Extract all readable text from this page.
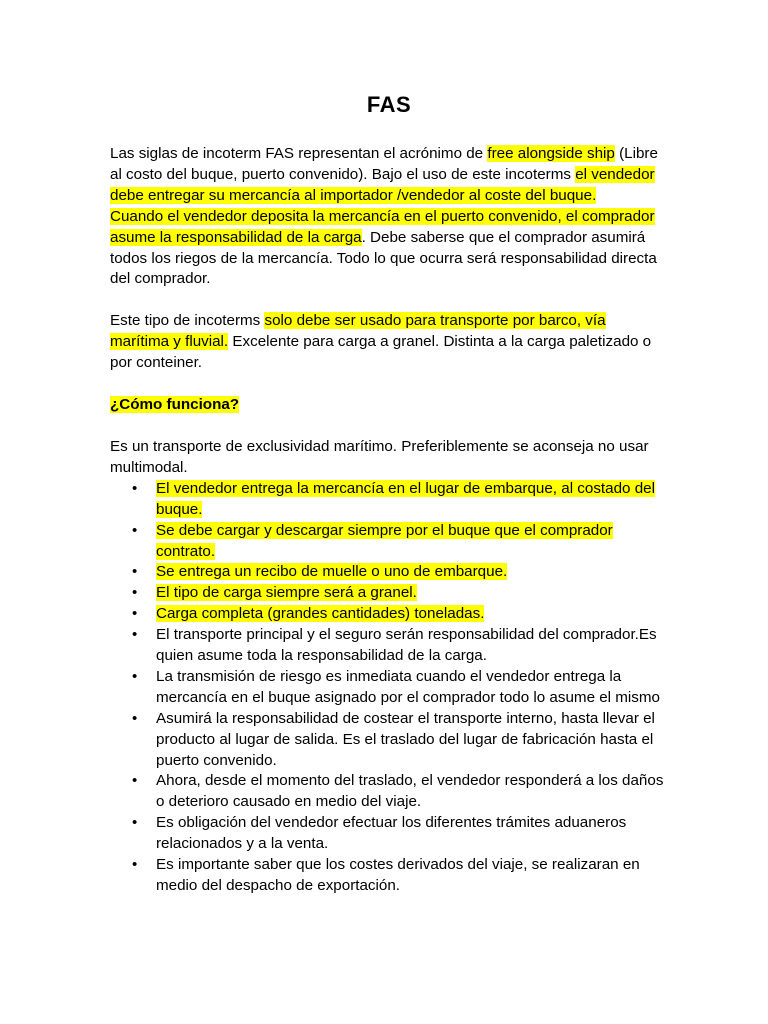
FAS

Las siglas de incoterm FAS representan el acrónimo de free alongside ship (Libre al costo del buque, puerto convenido). Bajo el uso de este incoterms el vendedor debe entregar su mercancía al importador /vendedor al coste del buque.
Cuando el vendedor deposita la mercancía en el puerto convenido, el comprador asume la responsabilidad de la carga. Debe saberse que el comprador asumirá todos los riegos de la mercancía. Todo lo que ocurra será responsabilidad directa del comprador.

Este tipo de incoterms solo debe ser usado para transporte por barco, vía marítima y fluvial. Excelente para carga a granel. Distinta a la carga paletizado o por conteiner.

¿Cómo funciona?

Es un transporte de exclusividad marítimo. Preferiblemente se aconseja no usar multimodal.

• El vendedor entrega la mercancía en el lugar de embarque, al costado del buque.
• Se debe cargar y descargar siempre por el buque que el comprador contrato.
• Se entrega un recibo de muelle o uno de embarque.
• El tipo de carga siempre será a granel.
• Carga completa (grandes cantidades) toneladas.
• El transporte principal y el seguro serán responsabilidad del comprador.Es quien asume toda la responsabilidad de la carga.
• La transmisión de riesgo es inmediata cuando el vendedor entrega la mercancía en el buque asignado por el comprador todo lo asume el mismo
• Asumirá la responsabilidad de costear el transporte interno, hasta llevar el producto al lugar de salida. Es el traslado del lugar de fabricación hasta el puerto convenido.
• Ahora, desde el momento del traslado, el vendedor responderá a los daños o deterioro causado en medio del viaje.
• Es obligación del vendedor efectuar los diferentes trámites aduaneros relacionados y a la venta.
• Es importante saber que los costes derivados del viaje, se realizaran en medio del despacho de exportación.
